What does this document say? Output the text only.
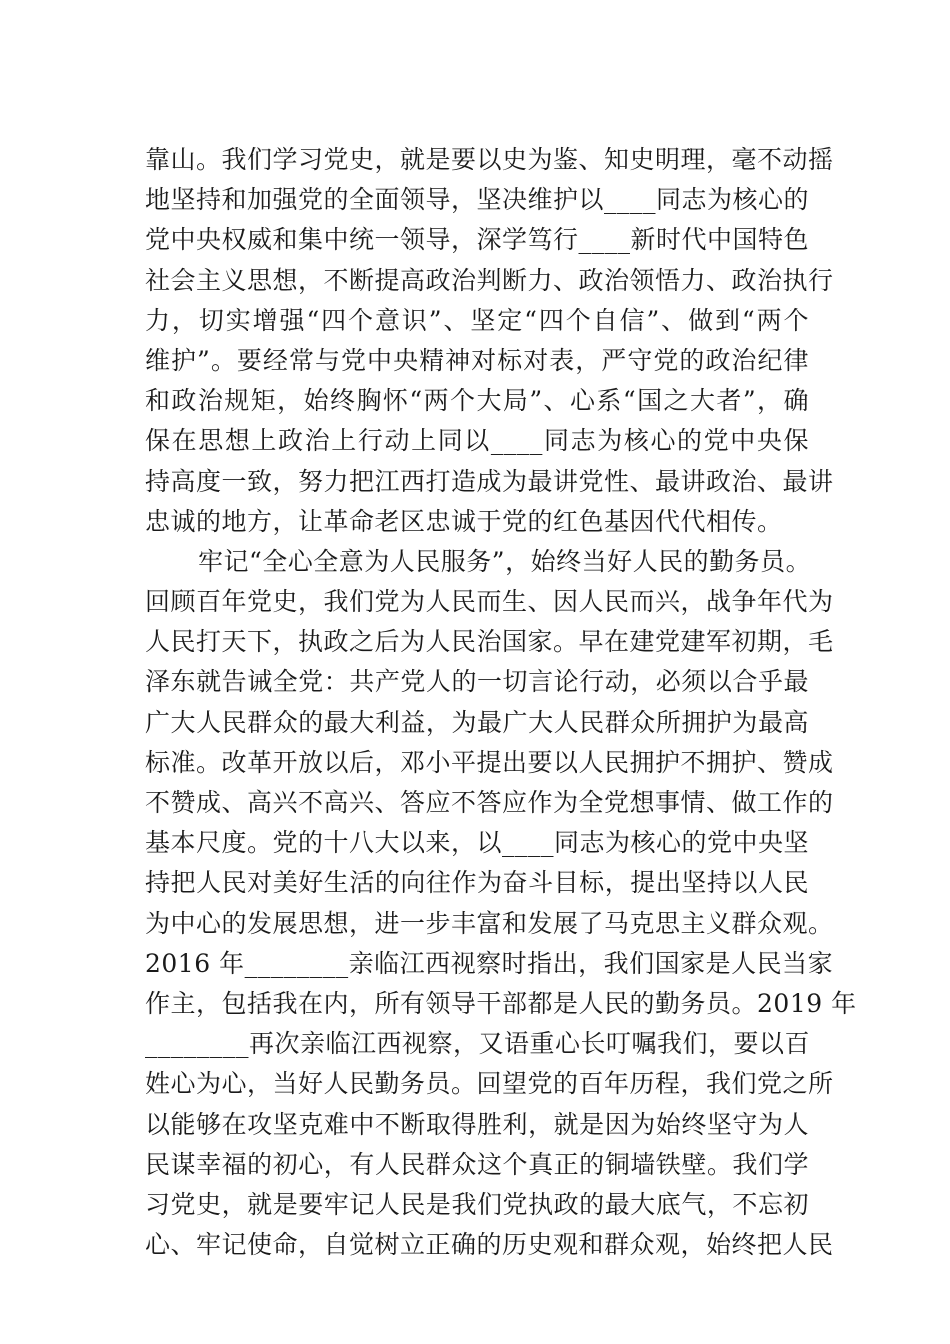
靠山。我们学习党史，就是要以史为鉴、知史明理，毫不动摇
地坚持和加强党的全面领导，坚决维护以____同志为核心的
党中央权威和集中统一领导，深学笃行____新时代中国特色
社会主义思想，不断提高政治判断力、政治领悟力、政治执行
力，切实增强“四个意识”、坚定“四个自信”、做到“两个
维护”。要经常与党中央精神对标对表，严守党的政治纪律
和政治规矩，始终胸怀“两个大局”、心系“国之大者”，确
保在思想上政治上行动上同以____同志为核心的党中央保
持高度一致，努力把江西打造成为最讲党性、最讲政治、最讲
忠诚的地方，让革命老区忠诚于党的红色基因代代相传。
牢记“全心全意为人民服务”，始终当好人民的勤务员。
回顾百年党史，我们党为人民而生、因人民而兴，战争年代为
人民打天下，执政之后为人民治国家。早在建党建军初期，毛
泽东就告诫全党：共产党人的一切言论行动，必须以合乎最
广大人民群众的最大利益，为最广大人民群众所拥护为最高
标准。改革开放以后，邓小平提出要以人民拥护不拥护、赞成
不赞成、高兴不高兴、答应不答应作为全党想事情、做工作的
基本尺度。党的十八大以来，以____同志为核心的党中央坚
持把人民对美好生活的向往作为奋斗目标，提出坚持以人民
为中心的发展思想，进一步丰富和发展了马克思主义群众观。
2016 年________亲临江西视察时指出，我们国家是人民当家
作主，包括我在内，所有领导干部都是人民的勤务员。2019 年
________再次亲临江西视察，又语重心长叮嘱我们，要以百
姓心为心，当好人民勤务员。回望党的百年历程，我们党之所
以能够在攻坚克难中不断取得胜利，就是因为始终坚守为人
民谋幸福的初心，有人民群众这个真正的铜墙铁壁。我们学
习党史，就是要牢记人民是我们党执政的最大底气，不忘初
心、牢记使命，自觉树立正确的历史观和群众观，始终把人民
